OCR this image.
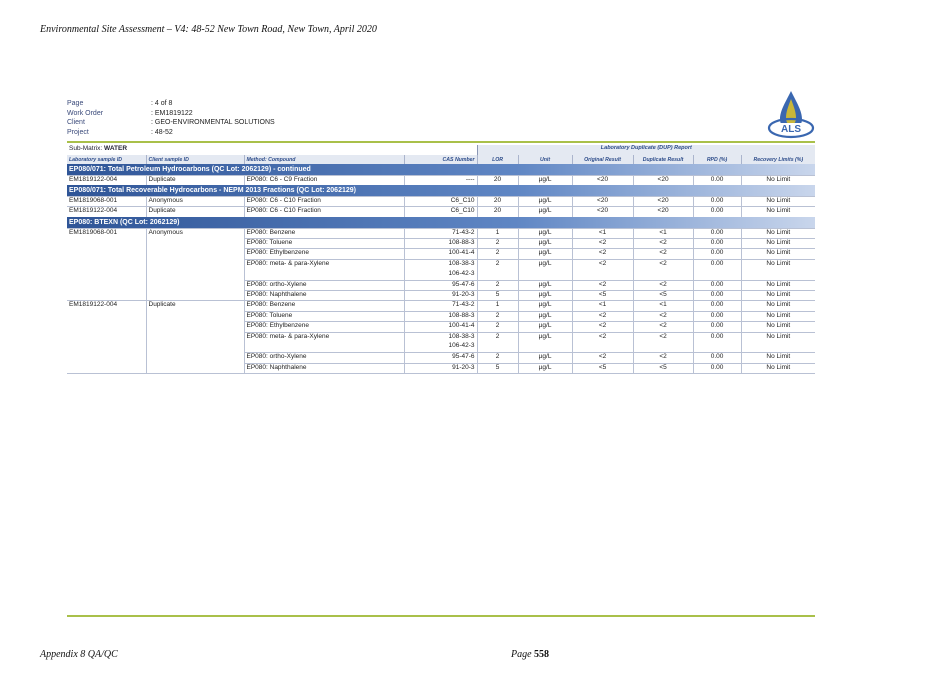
Environmental Site Assessment – V4: 48-52 New Town Road, New Town, April 2020
Page	: 4 of 8
Work Order	: EM1819122
Client	: GEO-ENVIRONMENTAL SOLUTIONS
Project	: 48-52	ALS
Sub-Matrix: WATER				Laboratory Duplicate (DUP) Report					
Laboratory sample ID	Client sample ID	Method: Compound	CAS Number	LOR	Unit	Original Result	Duplicate Result	RPD (%)	Recovery Limits (%)
EP080/071: Total Petroleum Hydrocarbons (QC Lot: 2062129) - continued									
EM1819122-004	Duplicate	EP080: C6 - C9 Fraction	----	20	µg/L	<20	<20	0.00	No Limit
EP080/071: Total Recoverable Hydrocarbons - NEPM 2013 Fractions (QC Lot: 2062129)									
EM1819068-001	Anonymous	EP080: C6 - C10 Fraction	C6_C10	20	µg/L	<20	<20	0.00	No Limit
EM1819122-004	Duplicate	EP080: C6 - C10 Fraction	C6_C10	20	µg/L	<20	<20	0.00	No Limit
EP080: BTEXN (QC Lot: 2062129)									
EM1819068-001	Anonymous	EP080: Benzene	71-43-2	1	µg/L	<1	<1	0.00	No Limit
		EP080: Toluene	108-88-3	2	µg/L	<2	<2	0.00	No Limit
		EP080: Ethylbenzene	100-41-4	2	µg/L	<2	<2	0.00	No Limit
		EP080: meta- & para-Xylene	108-38-3	2	µg/L	<2	<2	0.00	No Limit
			106-42-3						
		EP080: ortho-Xylene	95-47-6	2	µg/L	<2	<2	0.00	No Limit
		EP080: Naphthalene	91-20-3	5	µg/L	<5	<5	0.00	No Limit
EM1819122-004	Duplicate	EP080: Benzene	71-43-2	1	µg/L	<1	<1	0.00	No Limit
		EP080: Toluene	108-88-3	2	µg/L	<2	<2	0.00	No Limit
		EP080: Ethylbenzene	100-41-4	2	µg/L	<2	<2	0.00	No Limit
		EP080: meta- & para-Xylene	108-38-3	2	µg/L	<2	<2	0.00	No Limit
			106-42-3						
		EP080: ortho-Xylene	95-47-6	2	µg/L	<2	<2	0.00	No Limit
		EP080: Naphthalene	91-20-3	5	µg/L	<5	<5	0.00	No Limit
Appendix 8 QA/QC	Page 558
